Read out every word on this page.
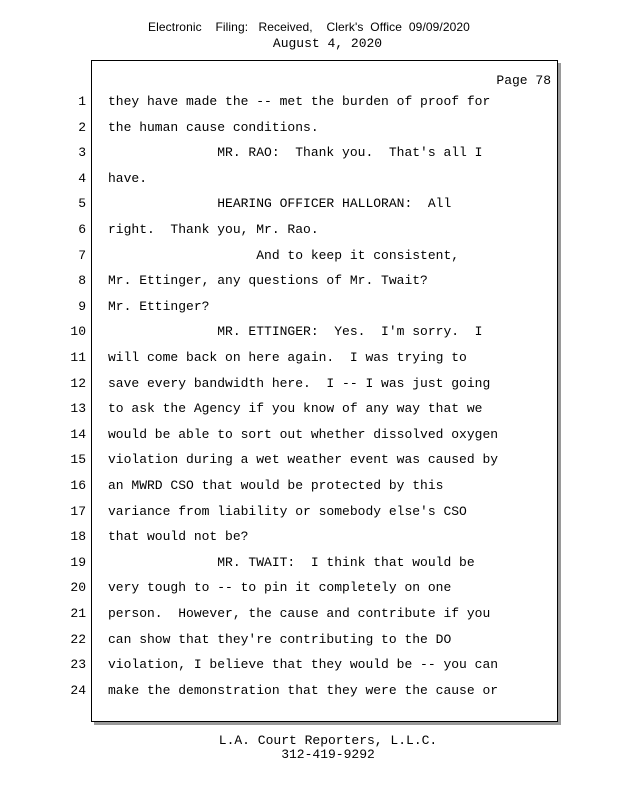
Electronic    Filing:   Received,    Clerk's  Office  09/09/2020
August 4, 2020
Page 78
1 they have made the -- met the burden of proof for
2 the human cause conditions.
3 MR. RAO:  Thank you.  That's all I
4 have.
5 HEARING OFFICER HALLORAN:  All
6 right.  Thank you, Mr. Rao.
7 And to keep it consistent,
8 Mr. Ettinger, any questions of Mr. Twait?
9 Mr. Ettinger?
10 MR. ETTINGER:  Yes.  I'm sorry.  I
11 will come back on here again.  I was trying to
12 save every bandwidth here.  I -- I was just going
13 to ask the Agency if you know of any way that we
14 would be able to sort out whether dissolved oxygen
15 violation during a wet weather event was caused by
16 an MWRD CSO that would be protected by this
17 variance from liability or somebody else's CSO
18 that would not be?
19 MR. TWAIT:  I think that would be
20 very tough to -- to pin it completely on one
21 person.  However, the cause and contribute if you
22 can show that they're contributing to the DO
23 violation, I believe that they would be -- you can
24 make the demonstration that they were the cause or
L.A. Court Reporters, L.L.C.
312-419-9292
